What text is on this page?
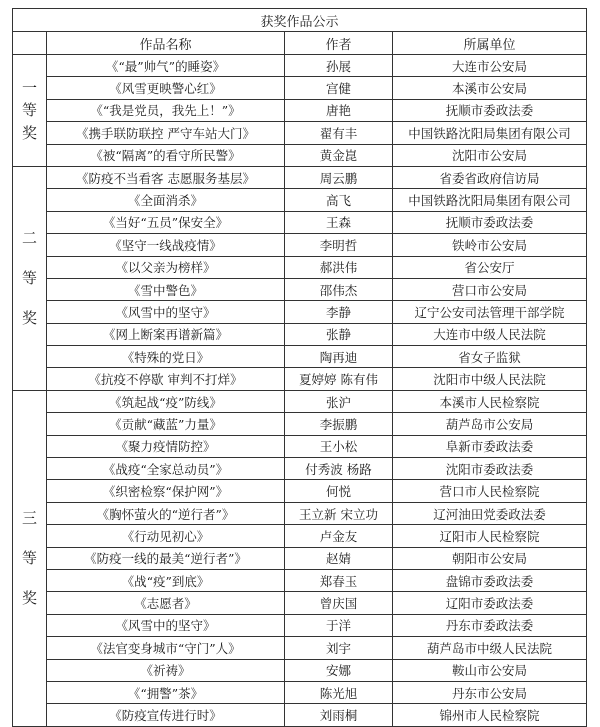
获奖作品公示			
	作品名称	作者	所属单位

一
等
奖	《“最”帅气”的睡姿》	孙展	大连市公安局
	《风雪更映警心红》	宫健	本溪市公安局
	《“我是党员，我先上！”》	唐艳	抚顺市委政法委
	《携手联防联控 严守车站大门》	翟有丰	中国铁路沈阳局集团有限公司
	《被“隔离”的看守所民警》	黄金崑	沈阳市公安局

二
等
奖	《防疫不当看客 志愿服务基层》	周云鹏	省委省政府信访局
	《全面消杀》	高飞	中国铁路沈阳局集团有限公司
	《当好“五员”保安全》	王森	抚顺市委政法委
	《坚守一线战疫情》	李明哲	铁岭市公安局
	《以父亲为榜样》	郝洪伟	省公安厅
	《雪中警色》	邵伟杰	营口市公安局
	《风雪中的坚守》	李静	辽宁公安司法管理干部学院
	《网上断案再谱新篇》	张静	大连市中级人民法院
	《特殊的党日》	陶再迪	省女子监狱
	《抗疫不停歇 审判不打烊》	夏婷婷 陈有伟	沈阳市中级人民法院

三
等
奖	《筑起战“疫”防线》	张沪	本溪市人民检察院
	《贡献“藏蓝”力量》	李振鹏	葫芦岛市公安局
	《聚力疫情防控》	王小松	阜新市委政法委
	《战疫“全家总动员”》	付秀波 杨路	沈阳市委政法委
	《织密检察“保护网”》	何悦	营口市人民检察院
	《胸怀萤火的“逆行者”》	王立新 宋立功	辽河油田党委政法委
	《行动见初心》	卢金友	辽阳市人民检察院
	《防疫一线的最美“逆行者”》	赵婧	朝阳市公安局
	《战“疫”到底》	郑春玉	盘锦市委政法委
	《志愿者》	曾庆国	辽阳市委政法委
	《风雪中的坚守》	于洋	丹东市委政法委
	《法官变身城市“守门”人》	刘宇	葫芦岛市中级人民法院
	《祈祷》	安娜	鞍山市公安局
	《“拥警”茶》	陈光旭	丹东市公安局
	《防疫宣传进行时》	刘雨桐	锦州市人民检察院
